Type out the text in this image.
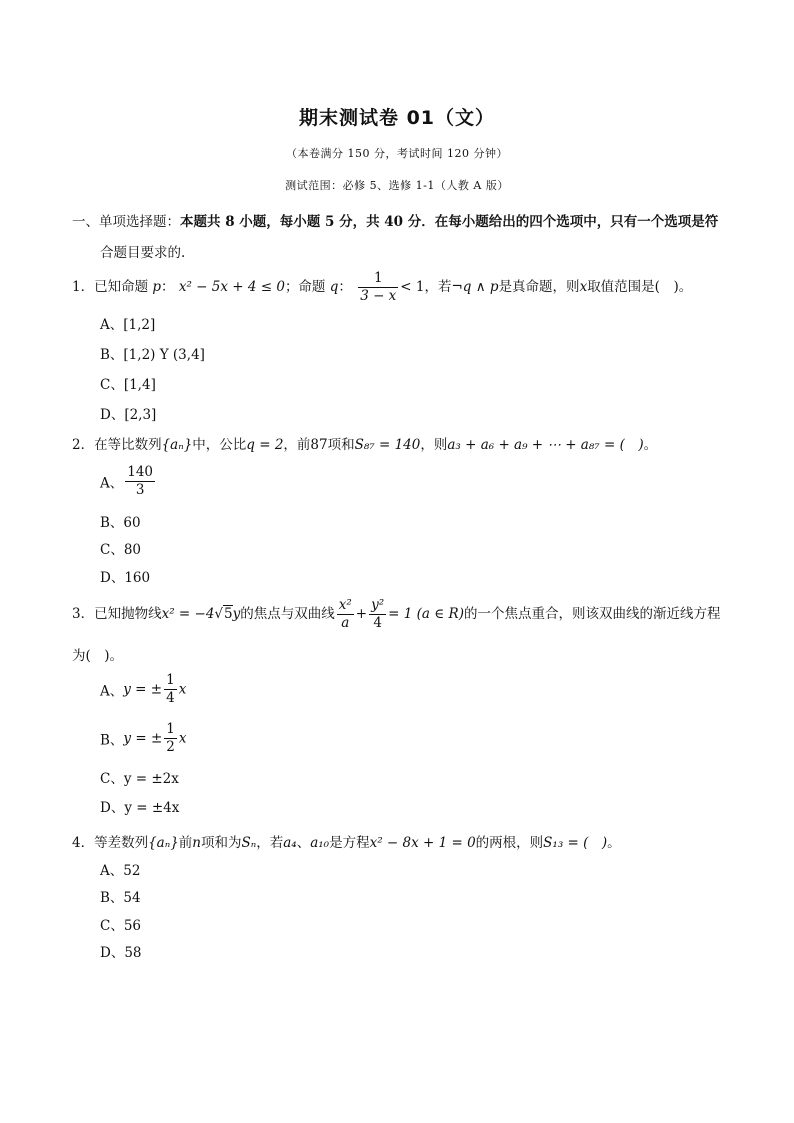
期末测试卷 01（文）
（本卷满分 150 分，考试时间 120 分钟）
测试范围：必修 5、选修 1-1（人教 A 版）
一、单项选择题：本题共 8 小题，每小题 5 分，共 40 分．在每小题给出的四个选项中，只有一个选项是符
合题目要求的.
1．已知命题 p： x² − 5x + 4 ≤ 0；命题 q： $\frac{1}{3 - x} < 1$，若¬q ∧ p是真命题，则x取值范围是(　)。
A、[1,2]
B、[1,2) Y (3,4]
C、[1,4]
D、[2,3]
2．在等比数列{aₙ}中，公比q = 2，前87项和S₈₇ = 140，则a₃ + a₆ + a₉ + ⋯ + a₈₇ = (　)。
A、 $\frac{140}{3}$
B、60
C、80
D、160
3．已知抛物线x² = −4√5y的焦点与双曲线 $\frac{\text{x²}}{a} + \frac{\text{y²}}{4} = 1$ (a ∈ R)的一个焦点重合，则该双曲线的渐近线方程
为(　)。
A、y = ± $\frac{1}{4}$ x
B、y = ± $\frac{1}{2}$ x
C、y = ±2x
D、y = ±4x
4．等差数列{aₙ}前n项和为Sₙ，若a₄、a₁₀是方程x² − 8x + 1 = 0的两根，则S₁₃ = (　)。
A、52
B、54
C、56
D、58
